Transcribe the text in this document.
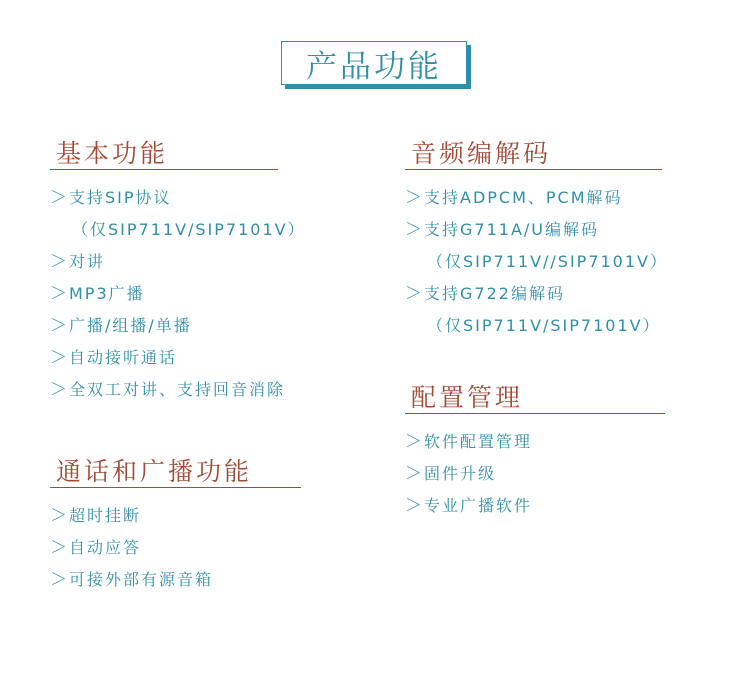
产品功能
基本功能
＞支持SIP协议
（仅SIP711V/SIP7101V）
＞对讲
＞MP3广播
＞广播/组播/单播
＞自动接听通话
＞全双工对讲、支持回音消除
通话和广播功能
＞超时挂断
＞自动应答
＞可接外部有源音箱
音频编解码
＞支持ADPCM、PCM解码
＞支持G711A/U编解码
（仅SIP711V//SIP7101V）
＞支持G722编解码
（仅SIP711V/SIP7101V）
配置管理
＞软件配置管理
＞固件升级
＞专业广播软件
